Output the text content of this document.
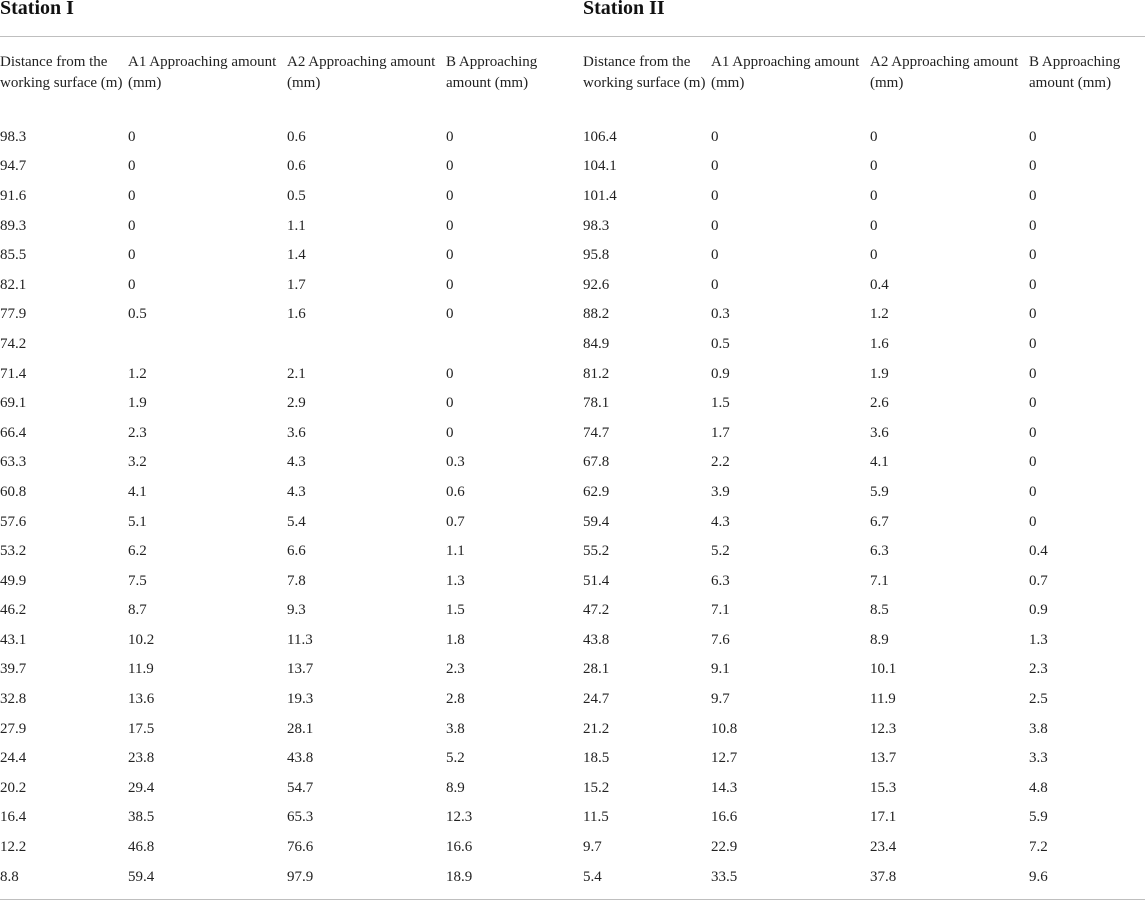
Station I	Station II
Distance from the working surface (m)	A1 Approaching amount (mm)	A2 Approaching amount (mm)	B Approaching amount (mm)	Distance from the working surface (m)	A1 Approaching amount (mm)	A2 Approaching amount (mm)	B Approaching amount (mm)
98.3	0	0.6	0	106.4	0	0	0
94.7	0	0.6	0	104.1	0	0	0
91.6	0	0.5	0	101.4	0	0	0
89.3	0	1.1	0	98.3	0	0	0
85.5	0	1.4	0	95.8	0	0	0
82.1	0	1.7	0	92.6	0	0.4	0
77.9	0.5	1.6	0	88.2	0.3	1.2	0
74.2				84.9	0.5	1.6	0
71.4	1.2	2.1	0	81.2	0.9	1.9	0
69.1	1.9	2.9	0	78.1	1.5	2.6	0
66.4	2.3	3.6	0	74.7	1.7	3.6	0
63.3	3.2	4.3	0.3	67.8	2.2	4.1	0
60.8	4.1	4.3	0.6	62.9	3.9	5.9	0
57.6	5.1	5.4	0.7	59.4	4.3	6.7	0
53.2	6.2	6.6	1.1	55.2	5.2	6.3	0.4
49.9	7.5	7.8	1.3	51.4	6.3	7.1	0.7
46.2	8.7	9.3	1.5	47.2	7.1	8.5	0.9
43.1	10.2	11.3	1.8	43.8	7.6	8.9	1.3
39.7	11.9	13.7	2.3	28.1	9.1	10.1	2.3
32.8	13.6	19.3	2.8	24.7	9.7	11.9	2.5
27.9	17.5	28.1	3.8	21.2	10.8	12.3	3.8
24.4	23.8	43.8	5.2	18.5	12.7	13.7	3.3
20.2	29.4	54.7	8.9	15.2	14.3	15.3	4.8
16.4	38.5	65.3	12.3	11.5	16.6	17.1	5.9
12.2	46.8	76.6	16.6	9.7	22.9	23.4	7.2
8.8	59.4	97.9	18.9	5.4	33.5	37.8	9.6
